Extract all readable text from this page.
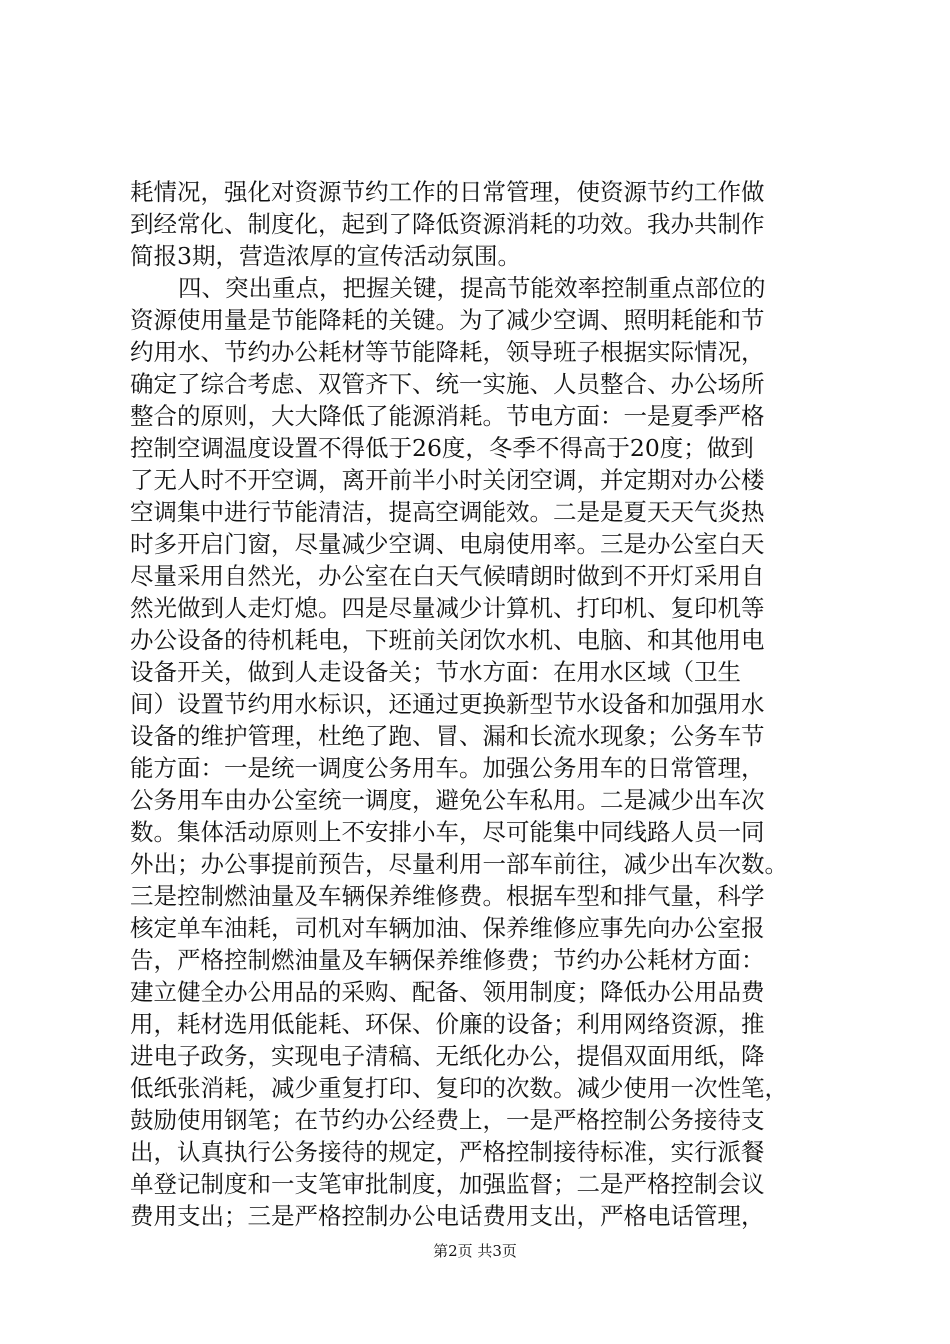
耗情况，强化对资源节约工作的日常管理，使资源节约工作做
到经常化、制度化，起到了降低资源消耗的功效。我办共制作
简报3期，营造浓厚的宣传活动氛围。
四、突出重点，把握关键，提高节能效率控制重点部位的
资源使用量是节能降耗的关键。为了减少空调、照明耗能和节
约用水、节约办公耗材等节能降耗，领导班子根据实际情况，
确定了综合考虑、双管齐下、统一实施、人员整合、办公场所
整合的原则，大大降低了能源消耗。节电方面：一是夏季严格
控制空调温度设置不得低于26度，冬季不得高于20度；做到
了无人时不开空调，离开前半小时关闭空调，并定期对办公楼
空调集中进行节能清洁，提高空调能效。二是是夏天天气炎热
时多开启门窗，尽量减少空调、电扇使用率。三是办公室白天
尽量采用自然光，办公室在白天气候晴朗时做到不开灯采用自
然光做到人走灯熄。四是尽量减少计算机、打印机、复印机等
办公设备的待机耗电，下班前关闭饮水机、电脑、和其他用电
设备开关，做到人走设备关；节水方面：在用水区域（卫生
间）设置节约用水标识，还通过更换新型节水设备和加强用水
设备的维护管理，杜绝了跑、冒、漏和长流水现象；公务车节
能方面：一是统一调度公务用车。加强公务用车的日常管理，
公务用车由办公室统一调度，避免公车私用。二是减少出车次
数。集体活动原则上不安排小车，尽可能集中同线路人员一同
外出；办公事提前预告，尽量利用一部车前往，减少出车次数。
三是控制燃油量及车辆保养维修费。根据车型和排气量，科学
核定单车油耗，司机对车辆加油、保养维修应事先向办公室报
告，严格控制燃油量及车辆保养维修费；节约办公耗材方面：
建立健全办公用品的采购、配备、领用制度；降低办公用品费
用，耗材选用低能耗、环保、价廉的设备；利用网络资源，推
进电子政务，实现电子清稿、无纸化办公，提倡双面用纸，降
低纸张消耗，减少重复打印、复印的次数。减少使用一次性笔，
鼓励使用钢笔；在节约办公经费上，一是严格控制公务接待支
出，认真执行公务接待的规定，严格控制接待标准，实行派餐
单登记制度和一支笔审批制度，加强监督；二是严格控制会议
费用支出；三是严格控制办公电话费用支出，严格电话管理，
第2页 共3页
